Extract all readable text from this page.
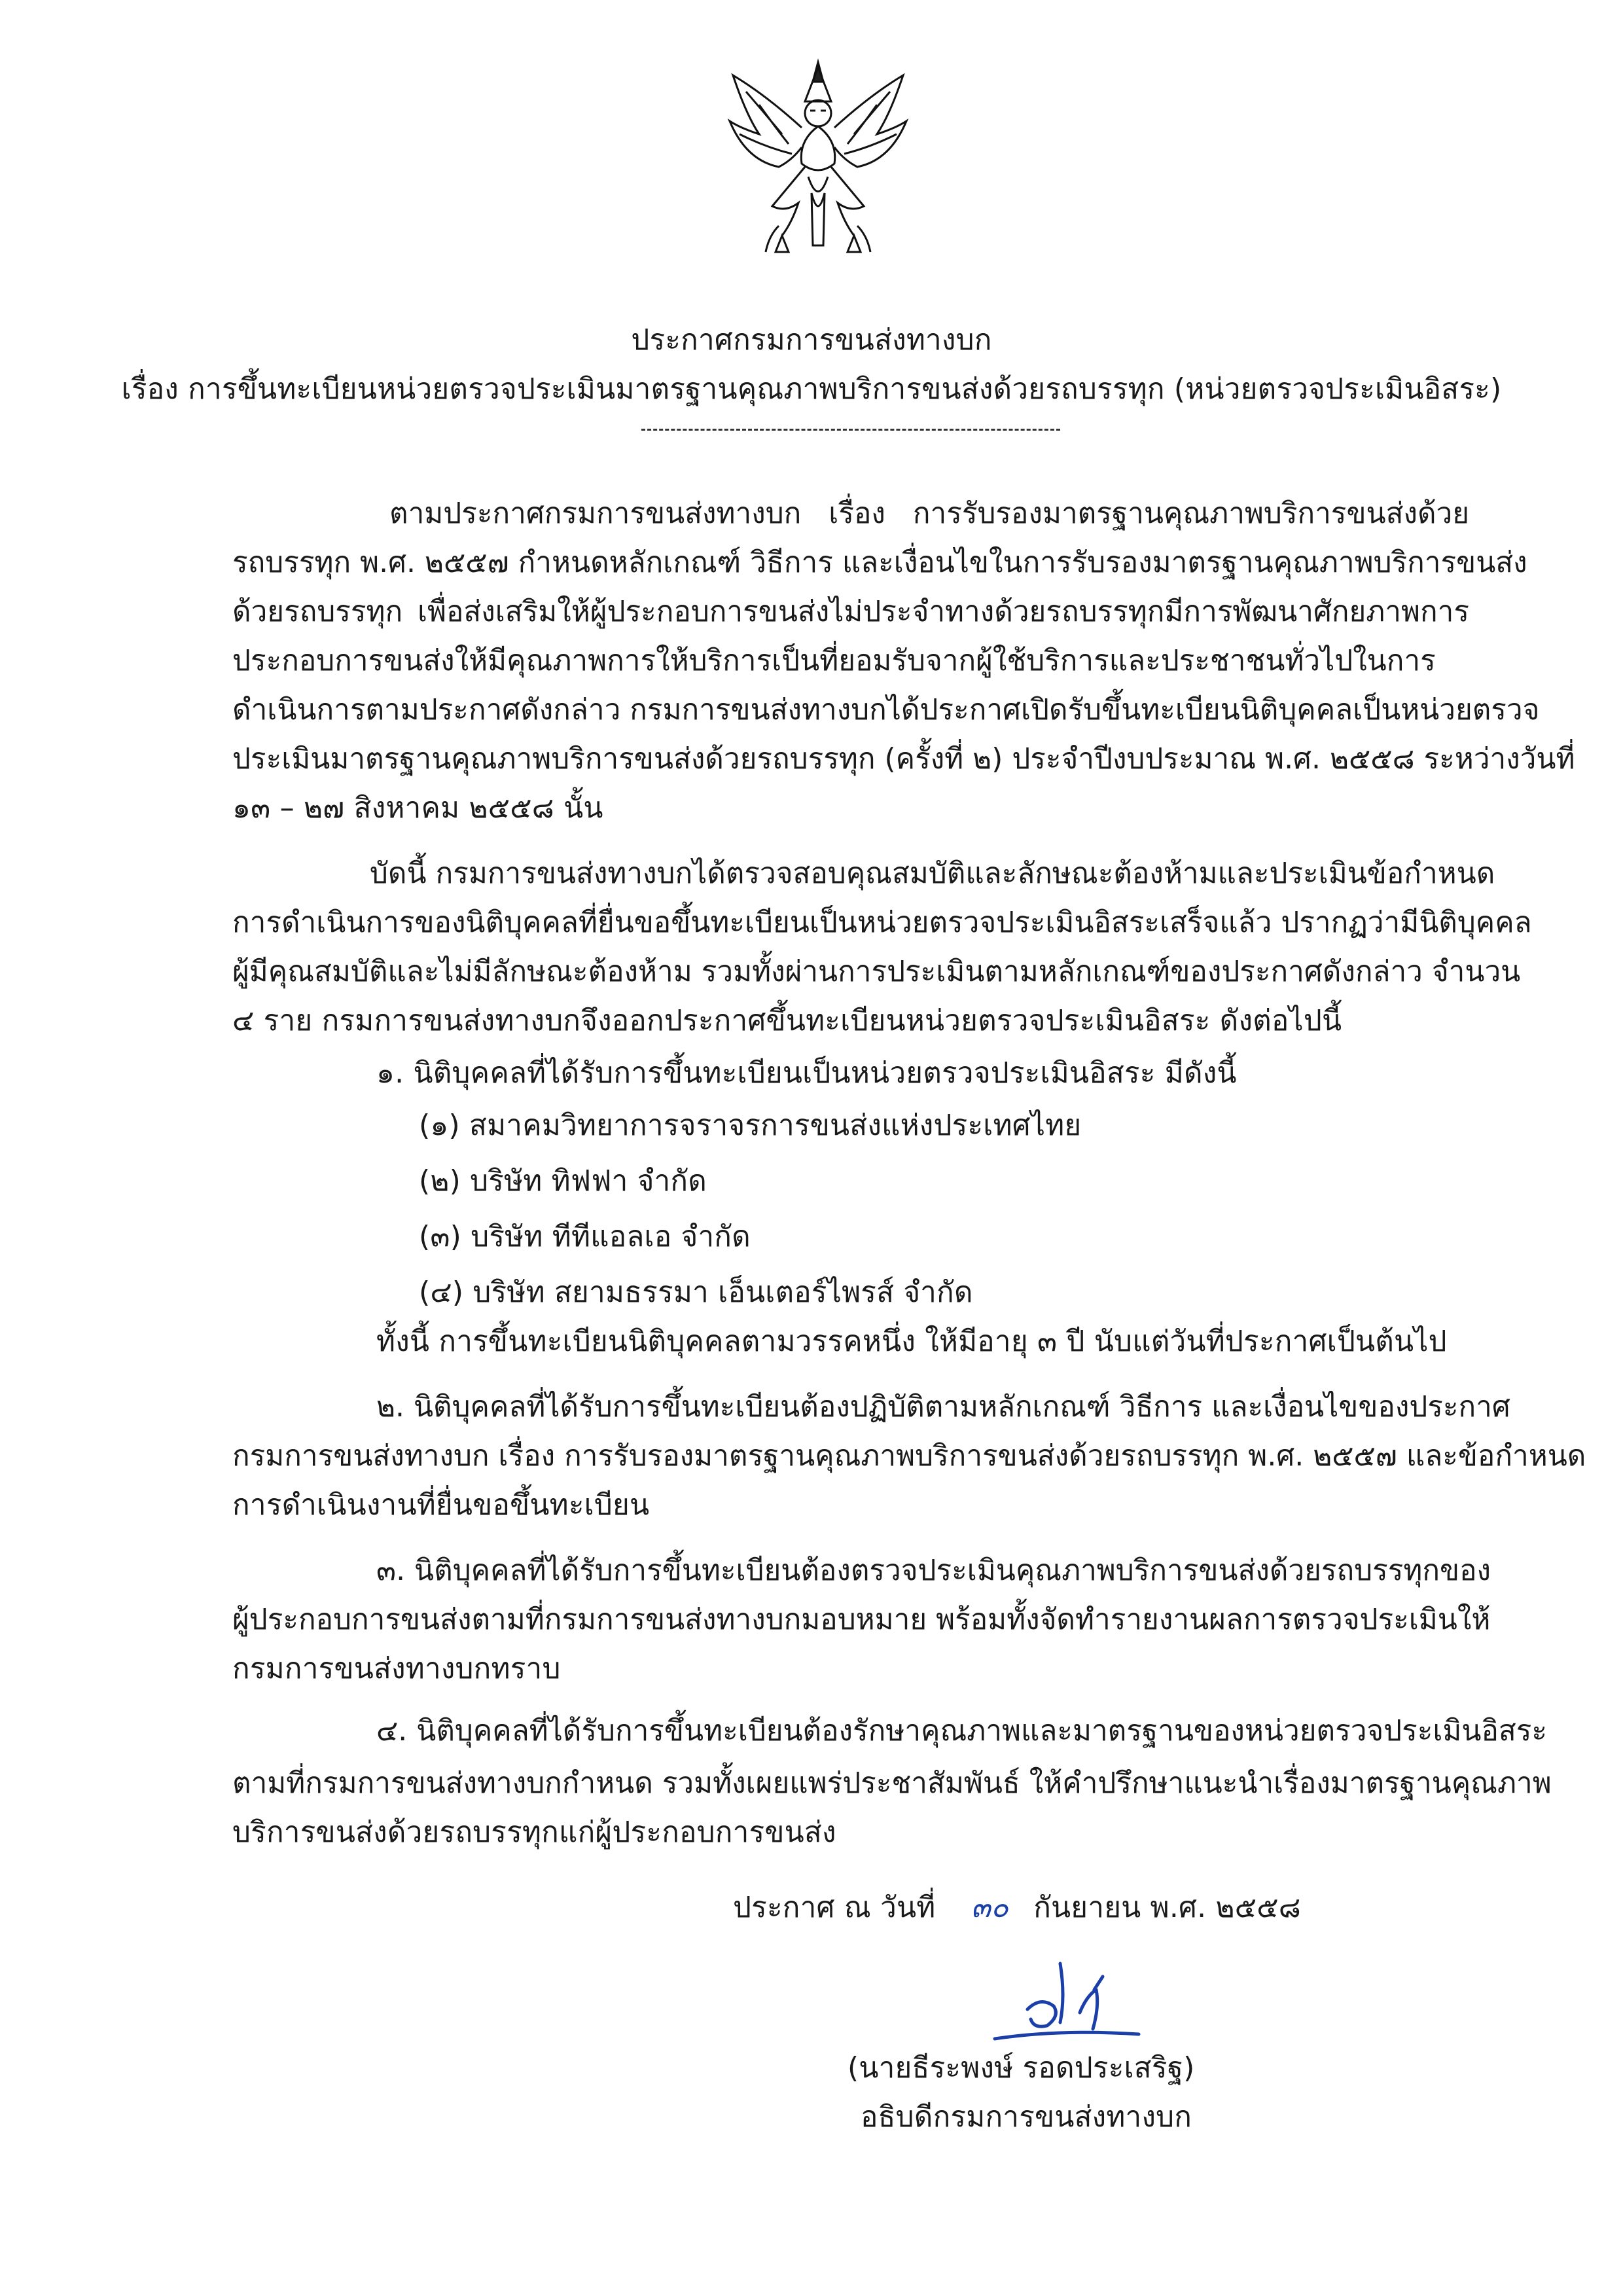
ประกาศกรมการขนส่งทางบก
เรื่อง การขึ้นทะเบียนหน่วยตรวจประเมินมาตรฐานคุณภาพบริการขนส่งด้วยรถบรรทุก (หน่วยตรวจประเมินอิสระ)
ตามประกาศกรมการขนส่งทางบก เรื่อง การรับรองมาตรฐานคุณภาพบริการขนส่งด้วย
รถบรรทุก พ.ศ. ๒๕๕๗ กำหนดหลักเกณฑ์ วิธีการ และเงื่อนไขในการรับรองมาตรฐานคุณภาพบริการขนส่ง
ด้วยรถบรรทุก เพื่อส่งเสริมให้ผู้ประกอบการขนส่งไม่ประจำทางด้วยรถบรรทุกมีการพัฒนาศักยภาพการ
ประกอบการขนส่งให้มีคุณภาพการให้บริการเป็นที่ยอมรับจากผู้ใช้บริการและประชาชนทั่วไปในการ
ดำเนินการตามประกาศดังกล่าว กรมการขนส่งทางบกได้ประกาศเปิดรับขึ้นทะเบียนนิติบุคคลเป็นหน่วยตรวจ
ประเมินมาตรฐานคุณภาพบริการขนส่งด้วยรถบรรทุก (ครั้งที่ ๒) ประจำปีงบประมาณ พ.ศ. ๒๕๕๘ ระหว่างวันที่
๑๓ – ๒๗ สิงหาคม ๒๕๕๘ นั้น
บัดนี้ กรมการขนส่งทางบกได้ตรวจสอบคุณสมบัติและลักษณะต้องห้ามและประเมินข้อกำหนด
การดำเนินการของนิติบุคคลที่ยื่นขอขึ้นทะเบียนเป็นหน่วยตรวจประเมินอิสระเสร็จแล้ว ปรากฏว่ามีนิติบุคคล
ผู้มีคุณสมบัติและไม่มีลักษณะต้องห้าม รวมทั้งผ่านการประเมินตามหลักเกณฑ์ของประกาศดังกล่าว จำนวน
๔ ราย กรมการขนส่งทางบกจึงออกประกาศขึ้นทะเบียนหน่วยตรวจประเมินอิสระ ดังต่อไปนี้
๑. นิติบุคคลที่ได้รับการขึ้นทะเบียนเป็นหน่วยตรวจประเมินอิสระ มีดังนี้
(๑) สมาคมวิทยาการจราจรการขนส่งแห่งประเทศไทย
(๒) บริษัท ทิฟฟา จำกัด
(๓) บริษัท ทีทีแอลเอ จำกัด
(๔) บริษัท สยามธรรมา เอ็นเตอร์ไพรส์ จำกัด
ทั้งนี้ การขึ้นทะเบียนนิติบุคคลตามวรรคหนึ่ง ให้มีอายุ ๓ ปี นับแต่วันที่ประกาศเป็นต้นไป
๒. นิติบุคคลที่ได้รับการขึ้นทะเบียนต้องปฏิบัติตามหลักเกณฑ์ วิธีการ และเงื่อนไขของประกาศ
กรมการขนส่งทางบก เรื่อง การรับรองมาตรฐานคุณภาพบริการขนส่งด้วยรถบรรทุก พ.ศ. ๒๕๕๗ และข้อกำหนด
การดำเนินงานที่ยื่นขอขึ้นทะเบียน
๓. นิติบุคคลที่ได้รับการขึ้นทะเบียนต้องตรวจประเมินคุณภาพบริการขนส่งด้วยรถบรรทุกของ
ผู้ประกอบการขนส่งตามที่กรมการขนส่งทางบกมอบหมาย พร้อมทั้งจัดทำรายงานผลการตรวจประเมินให้
กรมการขนส่งทางบกทราบ
๔. นิติบุคคลที่ได้รับการขึ้นทะเบียนต้องรักษาคุณภาพและมาตรฐานของหน่วยตรวจประเมินอิสระ
ตามที่กรมการขนส่งทางบกกำหนด รวมทั้งเผยแพร่ประชาสัมพันธ์ ให้คำปรึกษาแนะนำเรื่องมาตรฐานคุณภาพ
บริการขนส่งด้วยรถบรรทุกแก่ผู้ประกอบการขนส่ง
ประกาศ ณ วันที่ ๓๐ กันยายน พ.ศ. ๒๕๕๘
(นายธีระพงษ์ รอดประเสริฐ)
อธิบดีกรมการขนส่งทางบก
